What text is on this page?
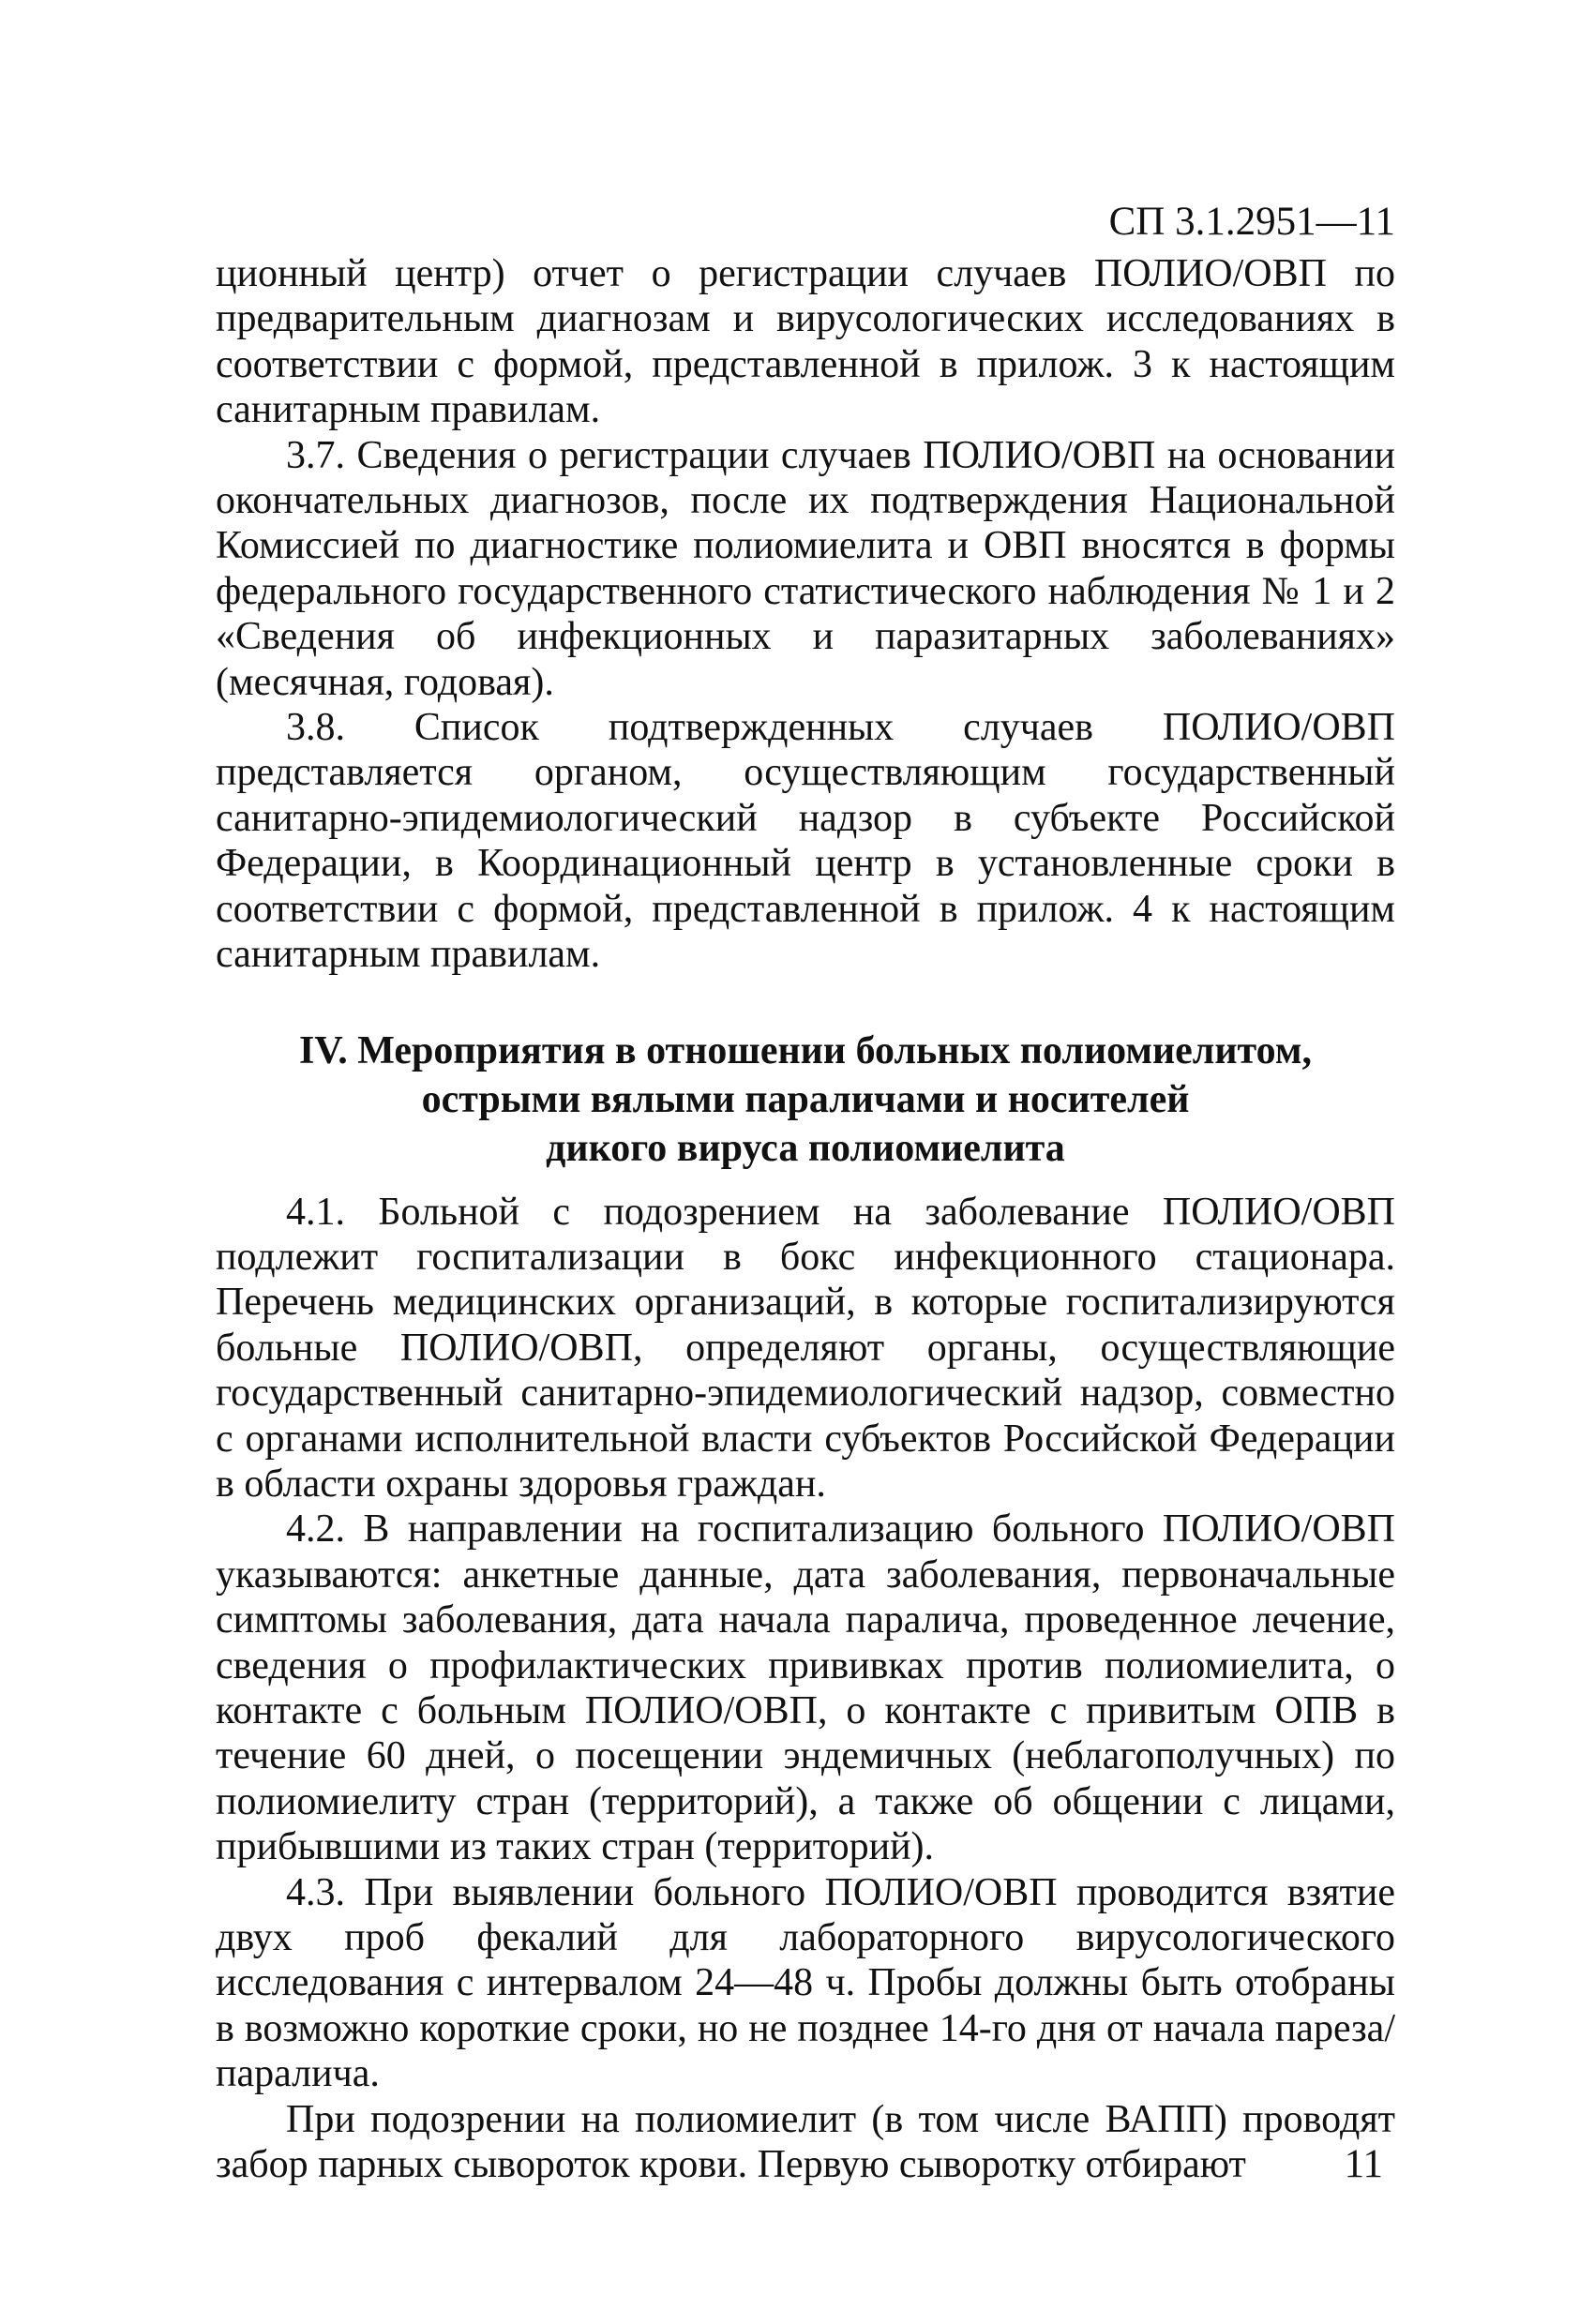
СП 3.1.2951—11

ционный центр) отчет о регистрации случаев ПОЛИО/ОВП по предварительным диагнозам и вирусологических исследованиях в соответствии с формой, представленной в прилож. 3 к настоящим санитарным правилам.

3.7. Сведения о регистрации случаев ПОЛИО/ОВП на основании окончательных диагнозов, после их подтверждения Национальной Комиссией по диагностике полиомиелита и ОВП вносятся в формы федерального государственного статистического наблюдения № 1 и 2 «Сведения об инфекционных и паразитарных заболеваниях» (месячная, годовая).

3.8. Список подтвержденных случаев ПОЛИО/ОВП представляется органом, осуществляющим государственный санитарно-эпидемиологический надзор в субъекте Российской Федерации, в Координационный центр в установленные сроки в соответствии с формой, представленной в прилож. 4 к настоящим санитарным правилам.

IV. Мероприятия в отношении больных полиомиелитом,
острыми вялыми параличами и носителей
дикого вируса полиомиелита

4.1. Больной с подозрением на заболевание ПОЛИО/ОВП подлежит госпитализации в бокс инфекционного стационара. Перечень медицинских организаций, в которые госпитализируются больные ПОЛИО/ОВП, определяют органы, осуществляющие государственный санитарно-эпидемиологический надзор, совместно с органами исполнительной власти субъектов Российской Федерации в области охраны здоровья граждан.

4.2. В направлении на госпитализацию больного ПОЛИО/ОВП указываются: анкетные данные, дата заболевания, первоначальные симптомы заболевания, дата начала паралича, проведенное лечение, сведения о профилактических прививках против полиомиелита, о контакте с больным ПОЛИО/ОВП, о контакте с привитым ОПВ в течение 60 дней, о посещении эндемичных (неблагополучных) по полиомиелиту стран (территорий), а также об общении с лицами, прибывшими из таких стран (территорий).

4.3. При выявлении больного ПОЛИО/ОВП проводится взятие двух проб фекалий для лабораторного вирусологического исследования с интервалом 24—48 ч. Пробы должны быть отобраны в возможно короткие сроки, но не позднее 14-го дня от начала пареза/паралича.

При подозрении на полиомиелит (в том числе ВАПП) проводят забор парных сывороток крови. Первую сыворотку отбирают	11
